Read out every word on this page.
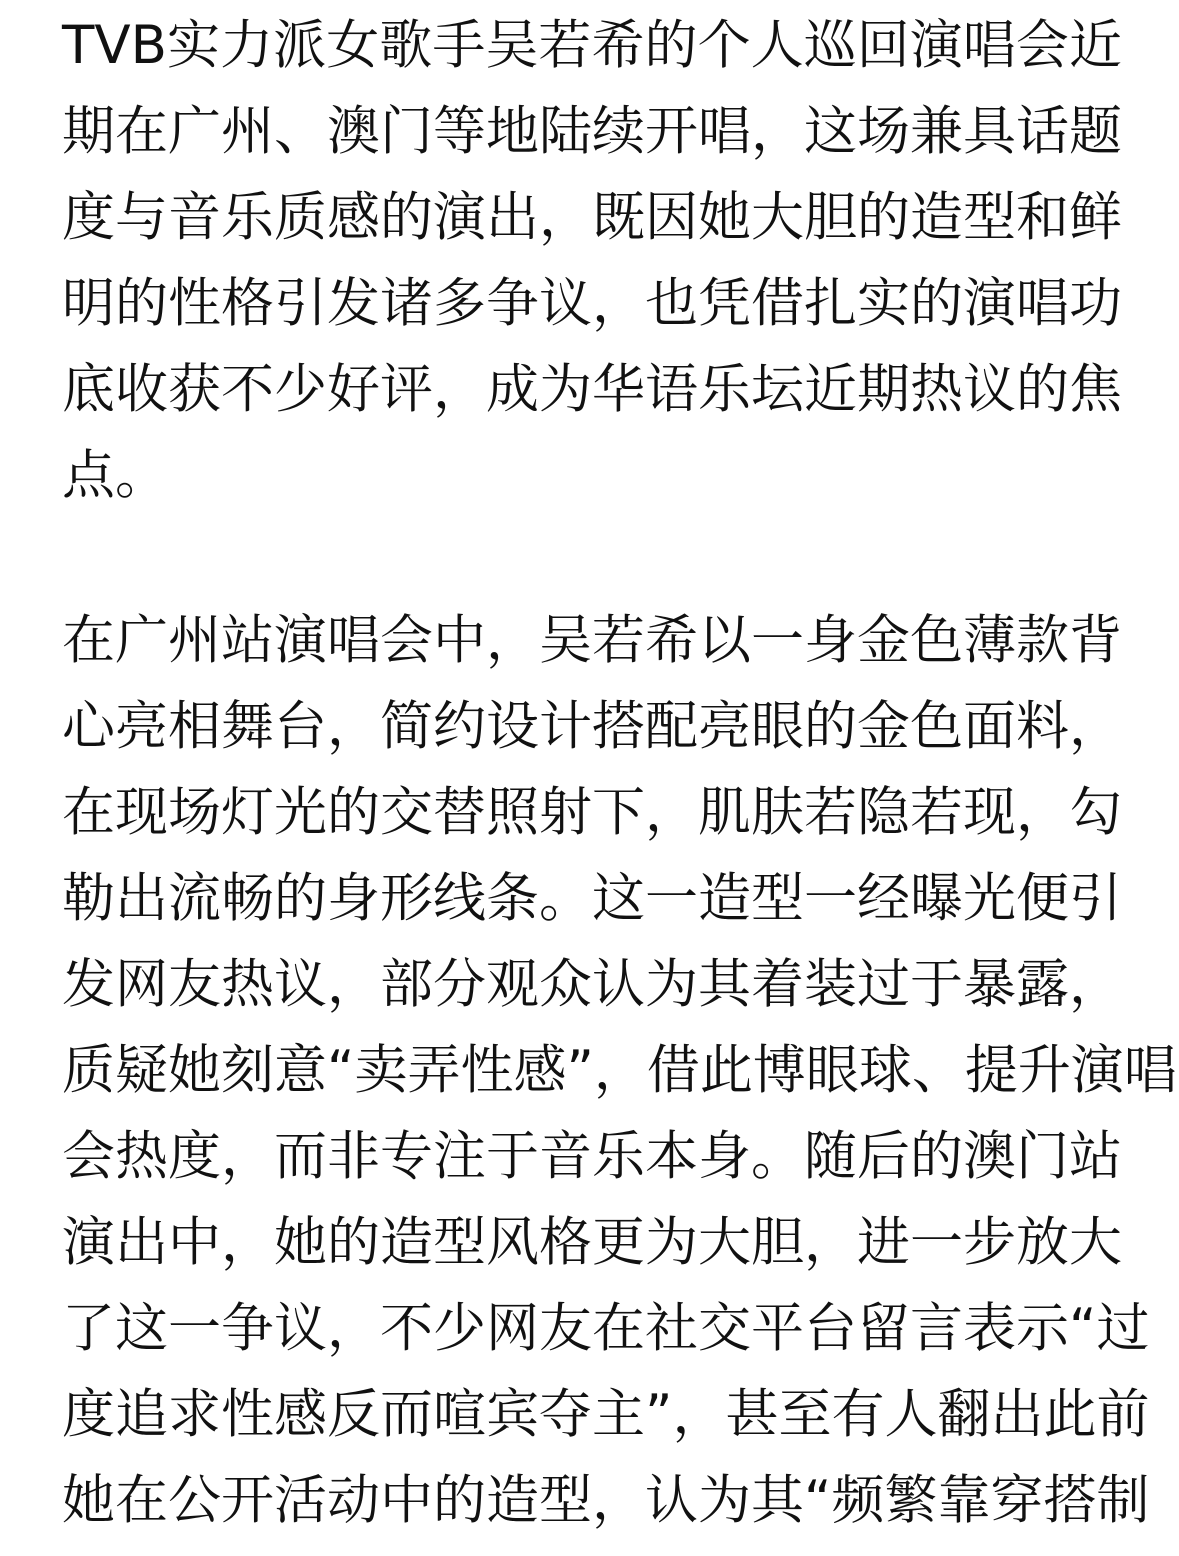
TVB实力派女歌手吴若希的个人巡回演唱会近
期在广州、澳门等地陆续开唱，这场兼具话题
度与音乐质感的演出，既因她大胆的造型和鲜
明的性格引发诸多争议，也凭借扎实的演唱功
底收获不少好评，成为华语乐坛近期热议的焦
点。
在广州站演唱会中，吴若希以一身金色薄款背
心亮相舞台，简约设计搭配亮眼的金色面料，
在现场灯光的交替照射下，肌肤若隐若现，勾
勒出流畅的身形线条。这一造型一经曝光便引
发网友热议，部分观众认为其着装过于暴露，
质疑她刻意“卖弄性感”，借此博眼球、提升演唱
会热度，而非专注于音乐本身。随后的澳门站
演出中，她的造型风格更为大胆，进一步放大
了这一争议，不少网友在社交平台留言表示“过
度追求性感反而喧宾夺主”，甚至有人翻出此前
她在公开活动中的造型，认为其“频繁靠穿搭制
